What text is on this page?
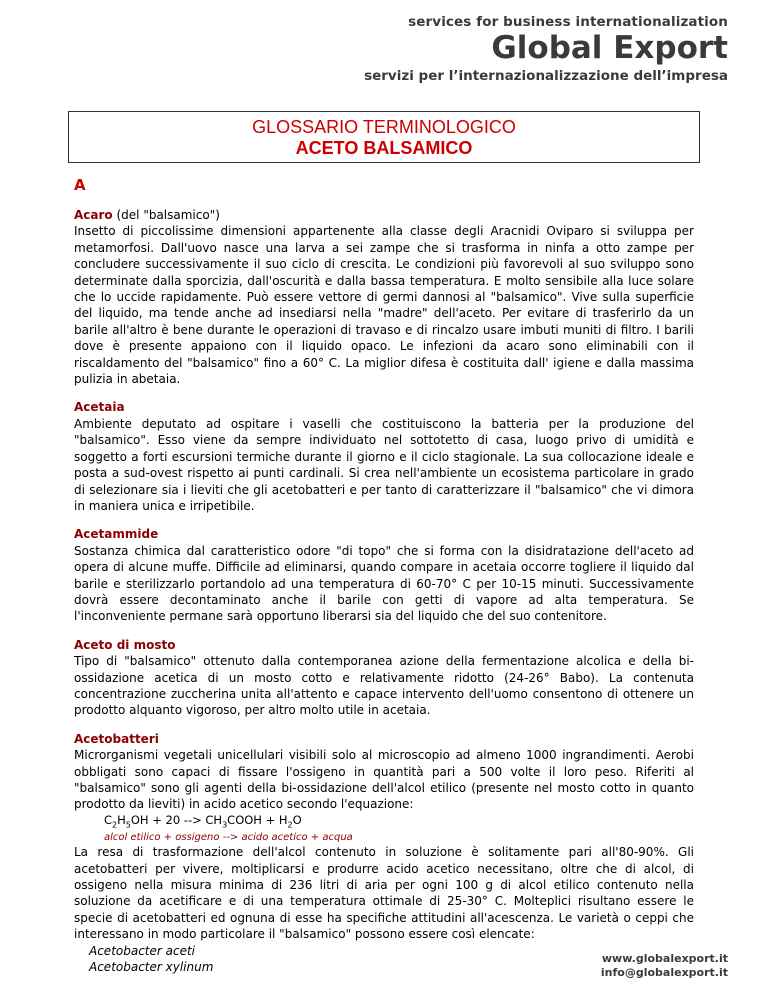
services for business internationalization
Global Export
servizi per l’internazionalizzazione dell’impresa
GLOSSARIO TERMINOLOGICO
ACETO BALSAMICO
A
Acaro (del "balsamico")

Insetto di piccolissime dimensioni appartenente alla classe degli Aracnidi Oviparo si sviluppa per metamorfosi. Dall'uovo nasce una larva a sei zampe che si trasforma in ninfa a otto zampe per concludere successivamente il suo ciclo di crescita. Le condizioni più favorevoli al suo sviluppo sono determinate dalla sporcizia, dall'oscurità e dalla bassa temperatura. E molto sensibile alla luce solare che lo uccide rapidamente. Può essere vettore di germi dannosi al "balsamico". Vive sulla superficie del liquido, ma tende anche ad insediarsi nella "madre" dell'aceto. Per evitare di trasferirlo da un barile all'altro è bene durante le operazioni di travaso e di rincalzo usare imbuti muniti di filtro. I barili dove è presente appaiono con il liquido opaco. Le infezioni da acaro sono eliminabili con il riscaldamento del "balsamico" fino a 60° C. La miglior difesa è costituita dall' igiene e dalla massima pulizia in abetaia.

Acetaia

Ambiente deputato ad ospitare i vaselli che costituiscono la batteria per la produzione del "balsamico". Esso viene da sempre individuato nel sottotetto di casa, luogo privo di umidità e soggetto a forti escursioni termiche durante il giorno e il ciclo stagionale. La sua collocazione ideale e posta a sud-ovest rispetto ai punti cardinali. Si crea nell'ambiente un ecosistema particolare in grado di selezionare sia i lieviti che gli acetobatteri e per tanto di caratterizzare il "balsamico" che vi dimora in maniera unica e irripetibile.

Acetammide

Sostanza chimica dal caratteristico odore "di topo" che si forma con la disidratazione dell'aceto ad opera di alcune muffe. Difficile ad eliminarsi, quando compare in acetaia occorre togliere il liquido dal barile e sterilizzarlo portandolo ad una temperatura di 60-70° C per 10-15 minuti. Successivamente dovrà essere decontaminato anche il barile con getti di vapore ad alta temperatura. Se l'inconveniente permane sarà opportuno liberarsi sia del liquido che del suo contenitore.

Aceto di mosto

Tipo di "balsamico" ottenuto dalla contemporanea azione della fermentazione alcolica e della bi-ossidazione acetica di un mosto cotto e relativamente ridotto (24-26° Babo). La contenuta concentrazione zuccherina unita all'attento e capace intervento dell'uomo consentono di ottenere un prodotto alquanto vigoroso, per altro molto utile in acetaia.

Acetobatteri

Microrganismi vegetali unicellulari visibili solo al microscopio ad almeno 1000 ingrandimenti. Aerobi obbligati sono capaci di fissare l'ossigeno in quantità pari a 500 volte il loro peso. Riferiti al "balsamico" sono gli agenti della bi-ossidazione dell'alcol etilico (presente nel mosto cotto in quanto prodotto da lieviti) in acido acetico secondo l'equazione:

$C_2H_5OH + 20$ --> $CH_3COOH + H_2O$
alcol etilico + ossigeno --> acido acetico + acqua

La resa di trasformazione dell'alcol contenuto in soluzione è solitamente pari all'80-90%. Gli acetobatteri per vivere, moltiplicarsi e produrre acido acetico necessitano, oltre che di alcol, di ossigeno nella misura minima di 236 litri di aria per ogni 100 g di alcol etilico contenuto nella soluzione da acetificare e di una temperatura ottimale di 25-30° C. Molteplici risultano essere le specie di acetobatteri ed ognuna di esse ha specifiche attitudini all'acescenza. Le varietà o ceppi che interessano in modo particolare il "balsamico" possono essere così elencate:

Acetobacter aceti
Acetobacter xylinum
www.globalexport.it
info@globalexport.it
